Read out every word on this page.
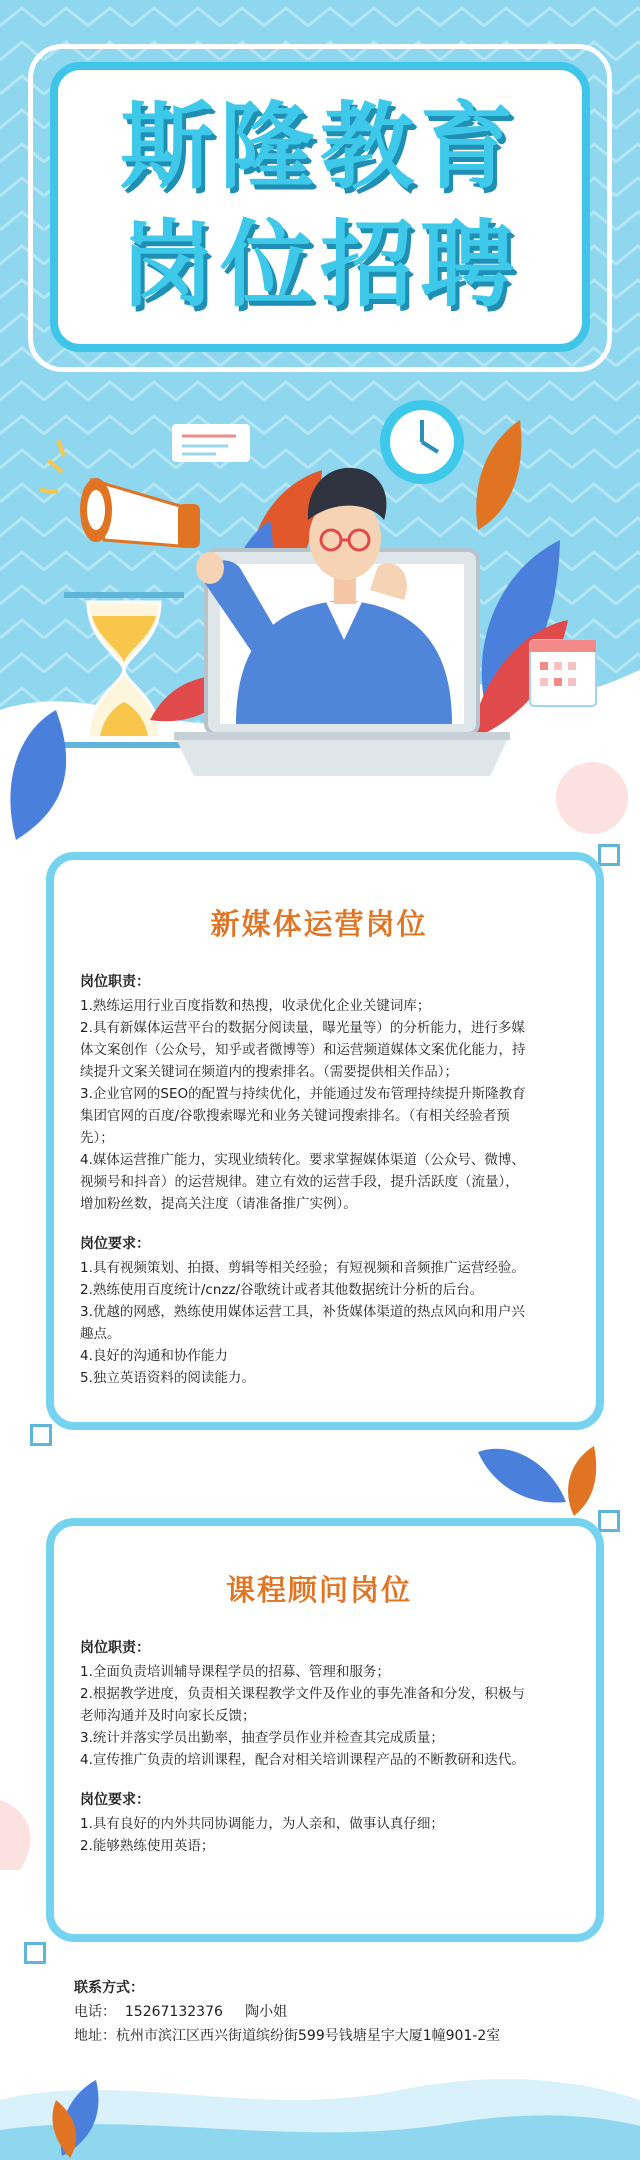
斯隆教育
岗位招聘
新媒体运营岗位
岗位职责：
1.熟练运用行业百度指数和热搜，收录优化企业关键词库；
2.具有新媒体运营平台的数据分阅读量，曝光量等）的分析能力，进行多媒
体文案创作（公众号，知乎或者微博等）和运营频道媒体文案优化能力，持
续提升文案关键词在频道内的搜索排名。（需要提供相关作品）；
3.企业官网的SEO的配置与持续优化，并能通过发布管理持续提升斯隆教育
集团官网的百度/谷歌搜索曝光和业务关键词搜索排名。（有相关经验者预
先）；
4.媒体运营推广能力，实现业绩转化。要求掌握媒体渠道（公众号、微博、
视频号和抖音）的运营规律。建立有效的运营手段，提升活跃度（流量），
增加粉丝数，提高关注度（请准备推广实例）。
岗位要求：
1.具有视频策划、拍摄、剪辑等相关经验；有短视频和音频推广运营经验。
2.熟练使用百度统计/cnzz/谷歌统计或者其他数据统计分析的后台。
3.优越的网感，熟练使用媒体运营工具，补货媒体渠道的热点风向和用户兴
趣点。
4.良好的沟通和协作能力
5.独立英语资料的阅读能力。
课程顾问岗位
岗位职责：
1.全面负责培训辅导课程学员的招募、管理和服务；
2.根据教学进度，负责相关课程教学文件及作业的事先准备和分发，积极与
老师沟通并及时向家长反馈；
3.统计并落实学员出勤率，抽查学员作业并检查其完成质量；
4.宣传推广负责的培训课程，配合对相关培训课程产品的不断教研和迭代。
岗位要求：
1.具有良好的内外共同协调能力，为人亲和，做事认真仔细；
2.能够熟练使用英语；
联系方式：
电话：  15267132376     陶小姐
地址：杭州市滨江区西兴街道缤纷街599号钱塘星宇大厦1幢901-2室
